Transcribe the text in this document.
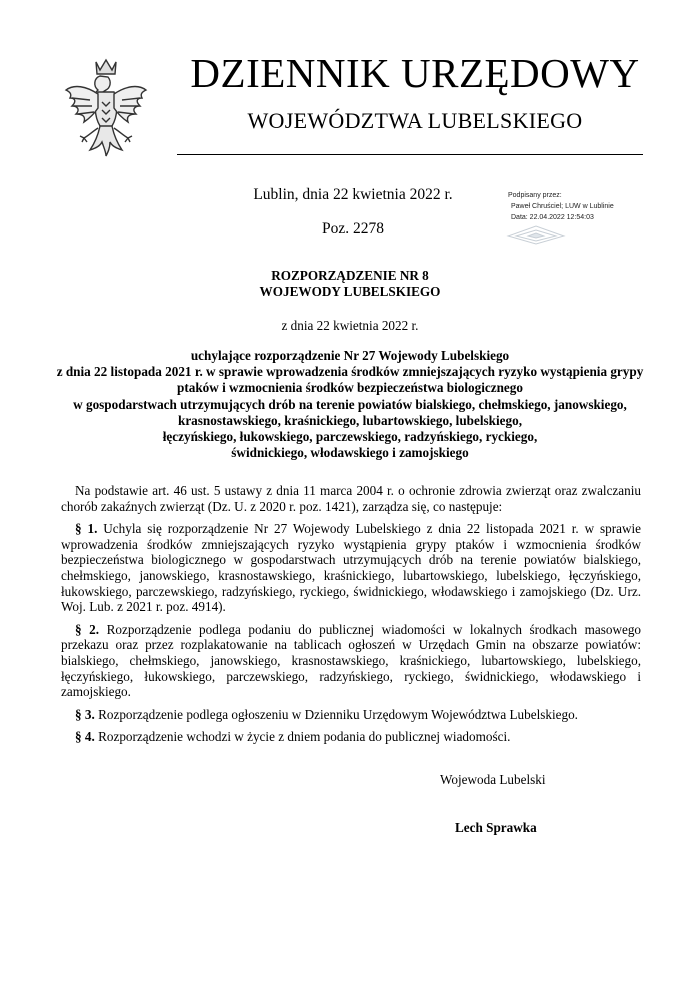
DZIENNIK URZĘDOWY
WOJEWÓDZTWA LUBELSKIEGO
Lublin, dnia 22 kwietnia 2022 r.
Poz. 2278
Podpisany przez:
Paweł Chruściel; LUW w Lublinie
Data: 22.04.2022 12:54:03
ROZPORZĄDZENIE NR 8
WOJEWODY LUBELSKIEGO
z dnia 22 kwietnia 2022 r.
uchylające rozporządzenie Nr 27 Wojewody Lubelskiego
z dnia 22 listopada 2021 r. w sprawie wprowadzenia środków zmniejszających ryzyko wystąpienia grypy
ptaków i wzmocnienia środków bezpieczeństwa biologicznego
w gospodarstwach utrzymujących drób na terenie powiatów bialskiego, chełmskiego, janowskiego,
krasnostawskiego, kraśnickiego, lubartowskiego, lubelskiego,
łęczyńskiego, łukowskiego, parczewskiego, radzyńskiego, ryckiego,
świdnickiego, włodawskiego i zamojskiego

Na podstawie art. 46 ust. 5 ustawy z dnia 11 marca 2004 r. o ochronie zdrowia zwierząt oraz zwalczaniu chorób zakaźnych zwierząt (Dz. U. z 2020 r. poz. 1421), zarządza się, co następuje:

§ 1. Uchyla się rozporządzenie Nr 27 Wojewody Lubelskiego z dnia 22 listopada 2021 r. w sprawie wprowadzenia środków zmniejszających ryzyko wystąpienia grypy ptaków i wzmocnienia środków bezpieczeństwa biologicznego w gospodarstwach utrzymujących drób na terenie powiatów bialskiego, chełmskiego, janowskiego, krasnostawskiego, kraśnickiego, lubartowskiego, lubelskiego, łęczyńskiego, łukowskiego, parczewskiego, radzyńskiego, ryckiego, świdnickiego, włodawskiego i zamojskiego (Dz. Urz. Woj. Lub. z 2021 r. poz. 4914).

§ 2. Rozporządzenie podlega podaniu do publicznej wiadomości w lokalnych środkach masowego przekazu oraz przez rozplakatowanie na tablicach ogłoszeń w Urzędach Gmin na obszarze powiatów: bialskiego, chełmskiego, janowskiego, krasnostawskiego, kraśnickiego, lubartowskiego, lubelskiego, łęczyńskiego, łukowskiego, parczewskiego, radzyńskiego, ryckiego, świdnickiego, włodawskiego i zamojskiego.

§ 3. Rozporządzenie podlega ogłoszeniu w Dzienniku Urzędowym Województwa Lubelskiego.

§ 4. Rozporządzenie wchodzi w życie z dniem podania do publicznej wiadomości.

Wojewoda Lubelski
Lech Sprawka
